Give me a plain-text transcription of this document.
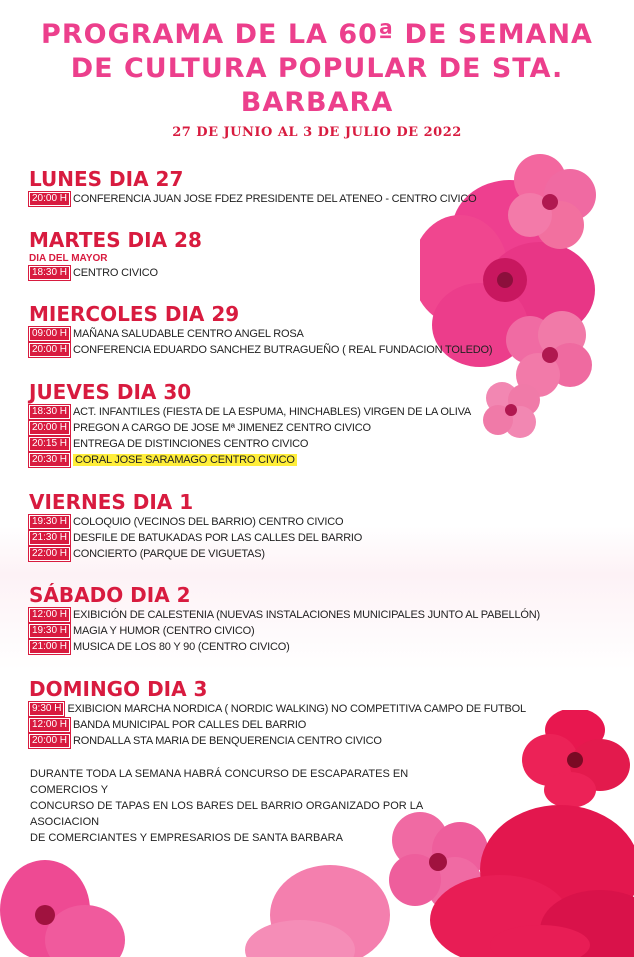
PROGRAMA DE LA 60ª DE SEMANA
DE CULTURA POPULAR DE STA.
BARBARA
27 DE JUNIO AL 3 DE JULIO DE 2022
LUNES DIA 27
20:00 H CONFERENCIA JUAN JOSE FDEZ PRESIDENTE DEL ATENEO - CENTRO CIVICO
MARTES DIA 28
DIA DEL MAYOR
18:30 H CENTRO CIVICO
MIERCOLES DIA 29
09:00 H MAÑANA SALUDABLE CENTRO ANGEL ROSA
20:00 H CONFERENCIA EDUARDO SANCHEZ BUTRAGUEÑO ( REAL FUNDACION TOLEDO)
JUEVES DIA 30
18:30 H ACT. INFANTILES (FIESTA DE LA ESPUMA, HINCHABLES) VIRGEN DE LA OLIVA
20:00 H PREGON A CARGO DE JOSE Mª JIMENEZ CENTRO CIVICO
20:15 H ENTREGA DE DISTINCIONES CENTRO CIVICO
20:30 H CORAL JOSE SARAMAGO CENTRO CIVICO
VIERNES DIA 1
19:30 H COLOQUIO (VECINOS DEL BARRIO) CENTRO CIVICO
21:30 H DESFILE DE BATUKADAS POR LAS CALLES DEL BARRIO
22:00 H CONCIERTO (PARQUE DE VIGUETAS)
SÁBADO DIA 2
12:00 H EXIBICIÓN DE CALESTENIA (NUEVAS INSTALACIONES MUNICIPALES JUNTO AL PABELLÓN)
19:30 H MAGIA Y HUMOR (CENTRO CIVICO)
21:00 H MUSICA DE LOS 80 Y 90 (CENTRO CIVICO)
DOMINGO DIA 3
9:30 H EXIBICION MARCHA NORDICA ( NORDIC WALKING) NO COMPETITIVA CAMPO DE FUTBOL
12:00 H BANDA MUNICIPAL POR CALLES DEL BARRIO
20:00 H RONDALLA STA MARIA DE BENQUERENCIA CENTRO CIVICO
DURANTE TODA LA SEMANA HABRÁ CONCURSO DE ESCAPARATES EN COMERCIOS Y
CONCURSO DE TAPAS EN LOS BARES DEL BARRIO ORGANIZADO POR LA ASOCIACION
DE COMERCIANTES Y EMPRESARIOS DE SANTA BARBARA
